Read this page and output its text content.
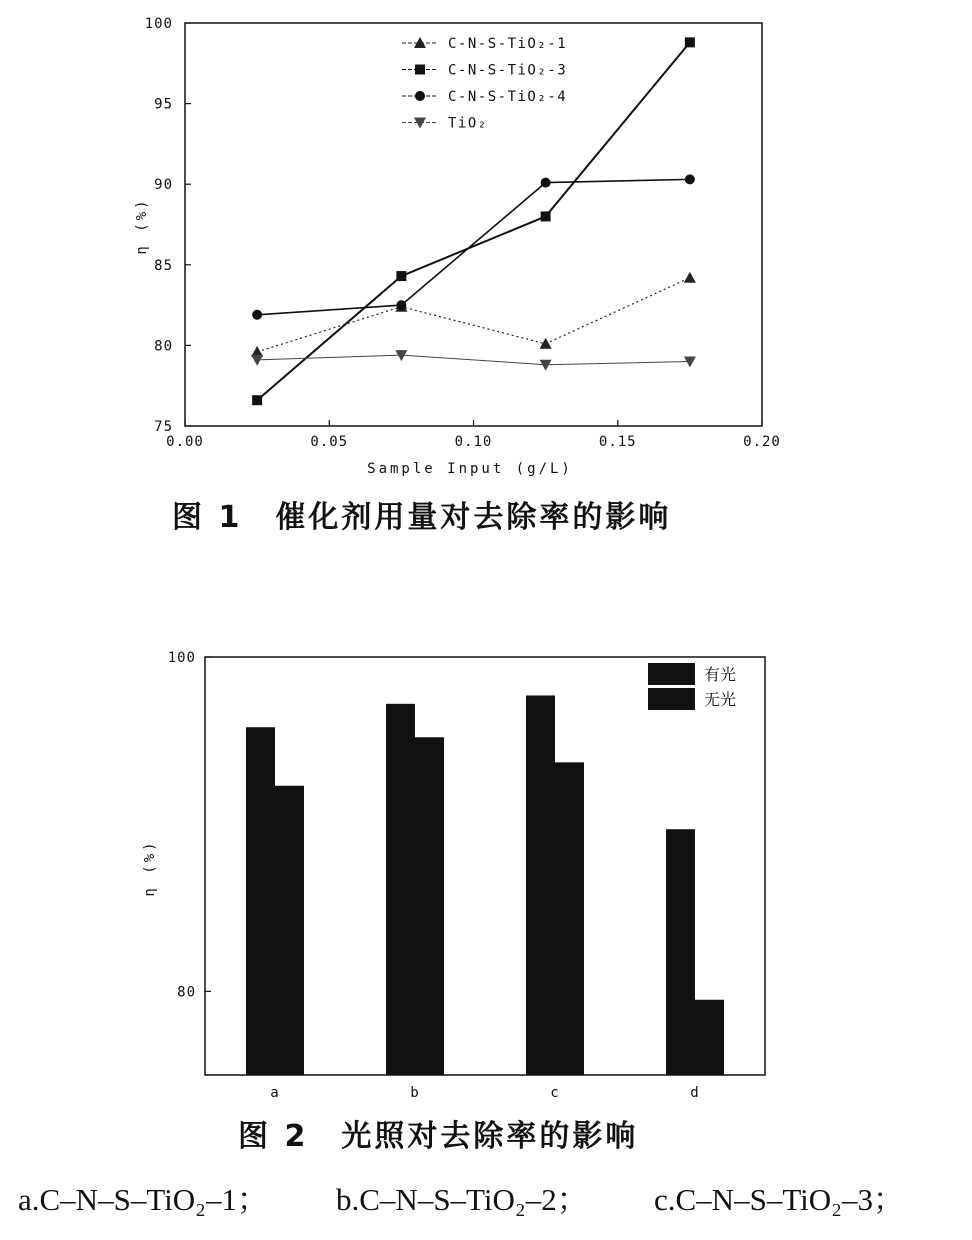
0.00	0.05	0.10	0.15	0.20
75
80
85
90
95
100
C-N-S-TiO₂-1
C-N-S-TiO₂-3
C-N-S-TiO₂-4
TiO₂
Sample Input (g/L)
η (%)
图 1　催化剂用量对去除率的影响
a	b	c	d
80
100
有光
无光
η (%)
图 2　光照对去除率的影响
a.C–N–S–TiO₂–1； b.C–N–S–TiO₂–2； c.C–N–S–TiO₂–3；
